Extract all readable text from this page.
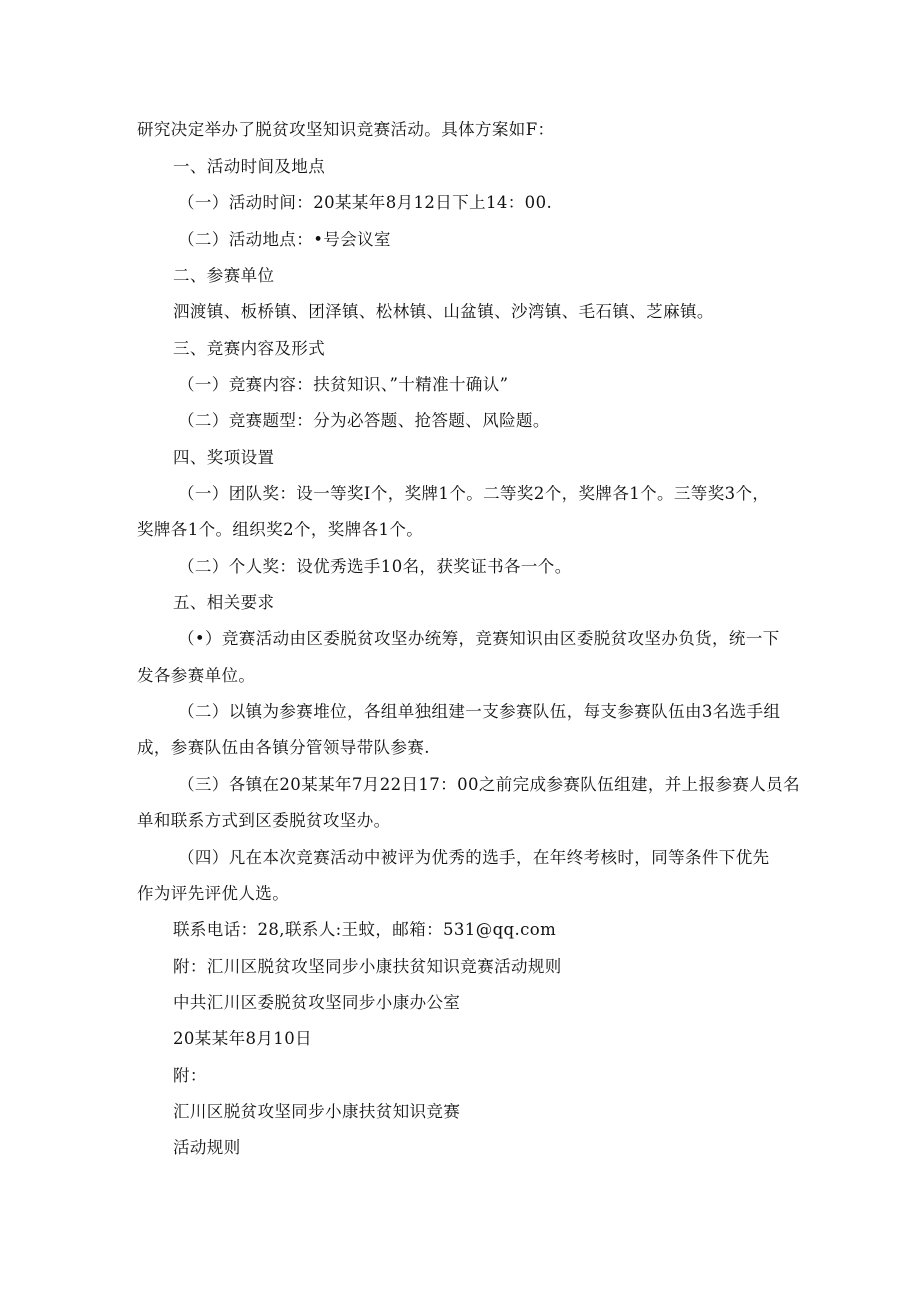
研究决定举办了脱贫攻坚知识竞赛活动。具体方案如F：
一、活动时间及地点
（一）活动时间：20某某年8月12日下上14：00.
（二）活动地点：•号会议室
二、参赛单位
泗渡镇、板桥镇、团泽镇、松林镇、山盆镇、沙湾镇、毛石镇、芝麻镇。
三、竞赛内容及形式
（一）竞赛内容：扶贫知识、”十精准十确认”
（二）竞赛题型：分为必答题、抢答题、风险题。
四、奖项设置
（一）团队奖：设一等奖I个，奖牌1个。二等奖2个，奖牌各1个。三等奖3个，
奖牌各1个。组织奖2个，奖牌各1个。
（二）个人奖：设优秀选手10名，获奖证书各一个。
五、相关要求
（•）竞赛活动由区委脱贫攻坚办统筹，竞赛知识由区委脱贫攻坚办负货，统一下
发各参赛单位。
（二）以镇为参赛堆位，各组单独组建一支参赛队伍，每支参赛队伍由3名选手组
成，参赛队伍由各镇分管领导带队参赛.
（三）各镇在20某某年7月22日17：00之前完成参赛队伍组建，并上报参赛人员名
单和联系方式到区委脱贫攻坚办。
（四）凡在本次竞赛活动中被评为优秀的选手，在年终考核时，同等条件下优先
作为评先评优人选。
联系电话：28,联系人:王蚊，邮箱：531@qq.com
附：汇川区脱贫攻坚同步小康扶贫知识竞赛活动规则
中共汇川区委脱贫攻坚同步小康办公室
20某某年8月10日
附：
汇川区脱贫攻坚同步小康扶贫知识竞赛
活动规则
